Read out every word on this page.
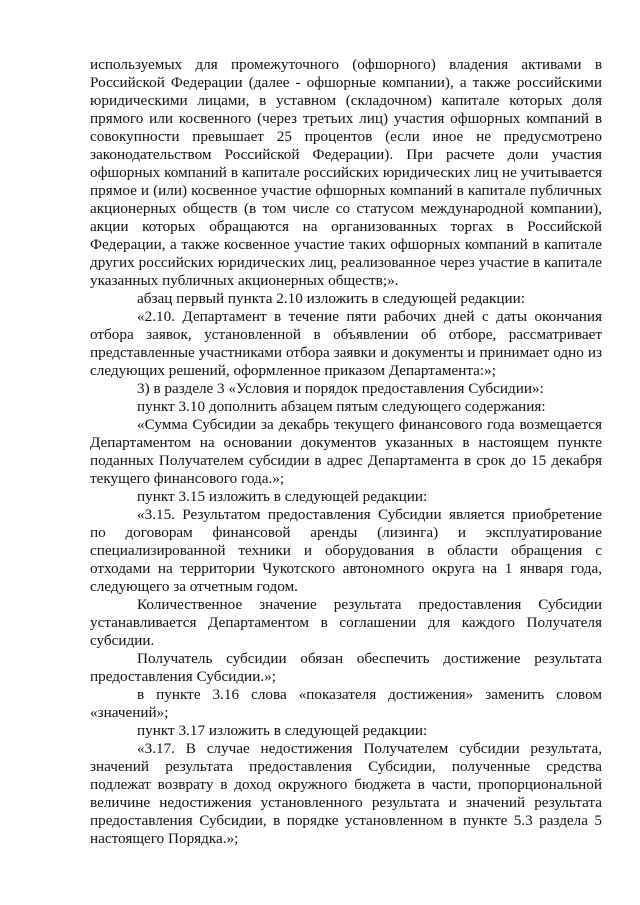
используемых для промежуточного (офшорного) владения активами в Российской Федерации (далее - офшорные компании), а также российскими юридическими лицами, в уставном (складочном) капитале которых доля прямого или косвенного (через третьих лиц) участия офшорных компаний в совокупности превышает 25 процентов (если иное не предусмотрено законодательством Российской Федерации). При расчете доли участия офшорных компаний в капитале российских юридических лиц не учитывается прямое и (или) косвенное участие офшорных компаний в капитале публичных акционерных обществ (в том числе со статусом международной компании), акции которых обращаются на организованных торгах в Российской Федерации, а также косвенное участие таких офшорных компаний в капитале других российских юридических лиц, реализованное через участие в капитале указанных публичных акционерных обществ;».

абзац первый пункта 2.10 изложить в следующей редакции:

«2.10. Департамент в течение пяти рабочих дней с даты окончания отбора заявок, установленной в объявлении об отборе, рассматривает представленные участниками отбора заявки и документы и принимает одно из следующих решений, оформленное приказом Департамента:»;

3) в разделе 3 «Условия и порядок предоставления Субсидии»:

пункт 3.10 дополнить абзацем пятым следующего содержания:

«Сумма Субсидии за декабрь текущего финансового года возмещается Департаментом на основании документов указанных в настоящем пункте поданных Получателем субсидии в адрес Департамента в срок до 15 декабря текущего финансового года.»;

пункт 3.15 изложить в следующей редакции:

«3.15. Результатом предоставления Субсидии является приобретение по договорам финансовой аренды (лизинга) и эксплуатирование специализированной техники и оборудования в области обращения с отходами на территории Чукотского автономного округа на 1 января года, следующего за отчетным годом.

Количественное значение результата предоставления Субсидии устанавливается Департаментом в соглашении для каждого Получателя субсидии.

Получатель субсидии обязан обеспечить достижение результата предоставления Субсидии.»;

в пункте 3.16 слова «показателя достижения» заменить словом «значений»;

пункт 3.17 изложить в следующей редакции:

«3.17. В случае недостижения Получателем субсидии результата, значений результата предоставления Субсидии, полученные средства подлежат возврату в доход окружного бюджета в части, пропорциональной величине недостижения установленного результата и значений результата предоставления Субсидии, в порядке установленном в пункте 5.3 раздела 5 настоящего Порядка.»;
